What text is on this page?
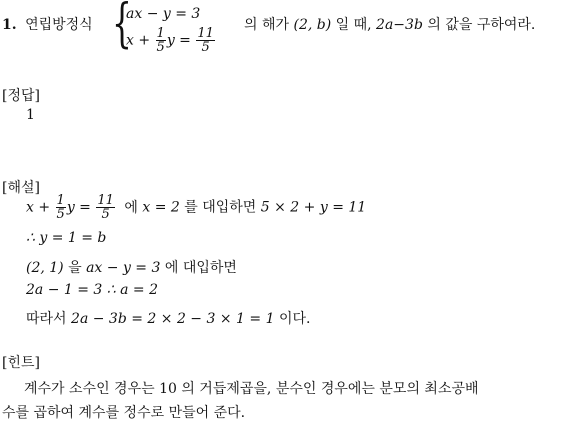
1. 연립방정식 {
ax − y = 3
$x + \frac{1}{5}$ $y = \frac{11}{5}$
의 해가 (2, b) 일 때, 2a−3b 의 값을 구하여라.
[정답]
1
[해설]
$x + \frac{1}{5}$ $y = \frac{11}{5}$ 에 x = 2 를 대입하면 5 × 2 + y = 11
∴ y = 1 = b
(2, 1) 을 ax − y = 3 에 대입하면
2a − 1 = 3 ∴ a = 2
따라서 2a − 3b = 2 × 2 − 3 × 1 = 1 이다.
[힌트]
계수가 소수인 경우는 10 의 거듭제곱을, 분수인 경우에는 분모의 최소공배
수를 곱하여 계수를 정수로 만들어 준다.
